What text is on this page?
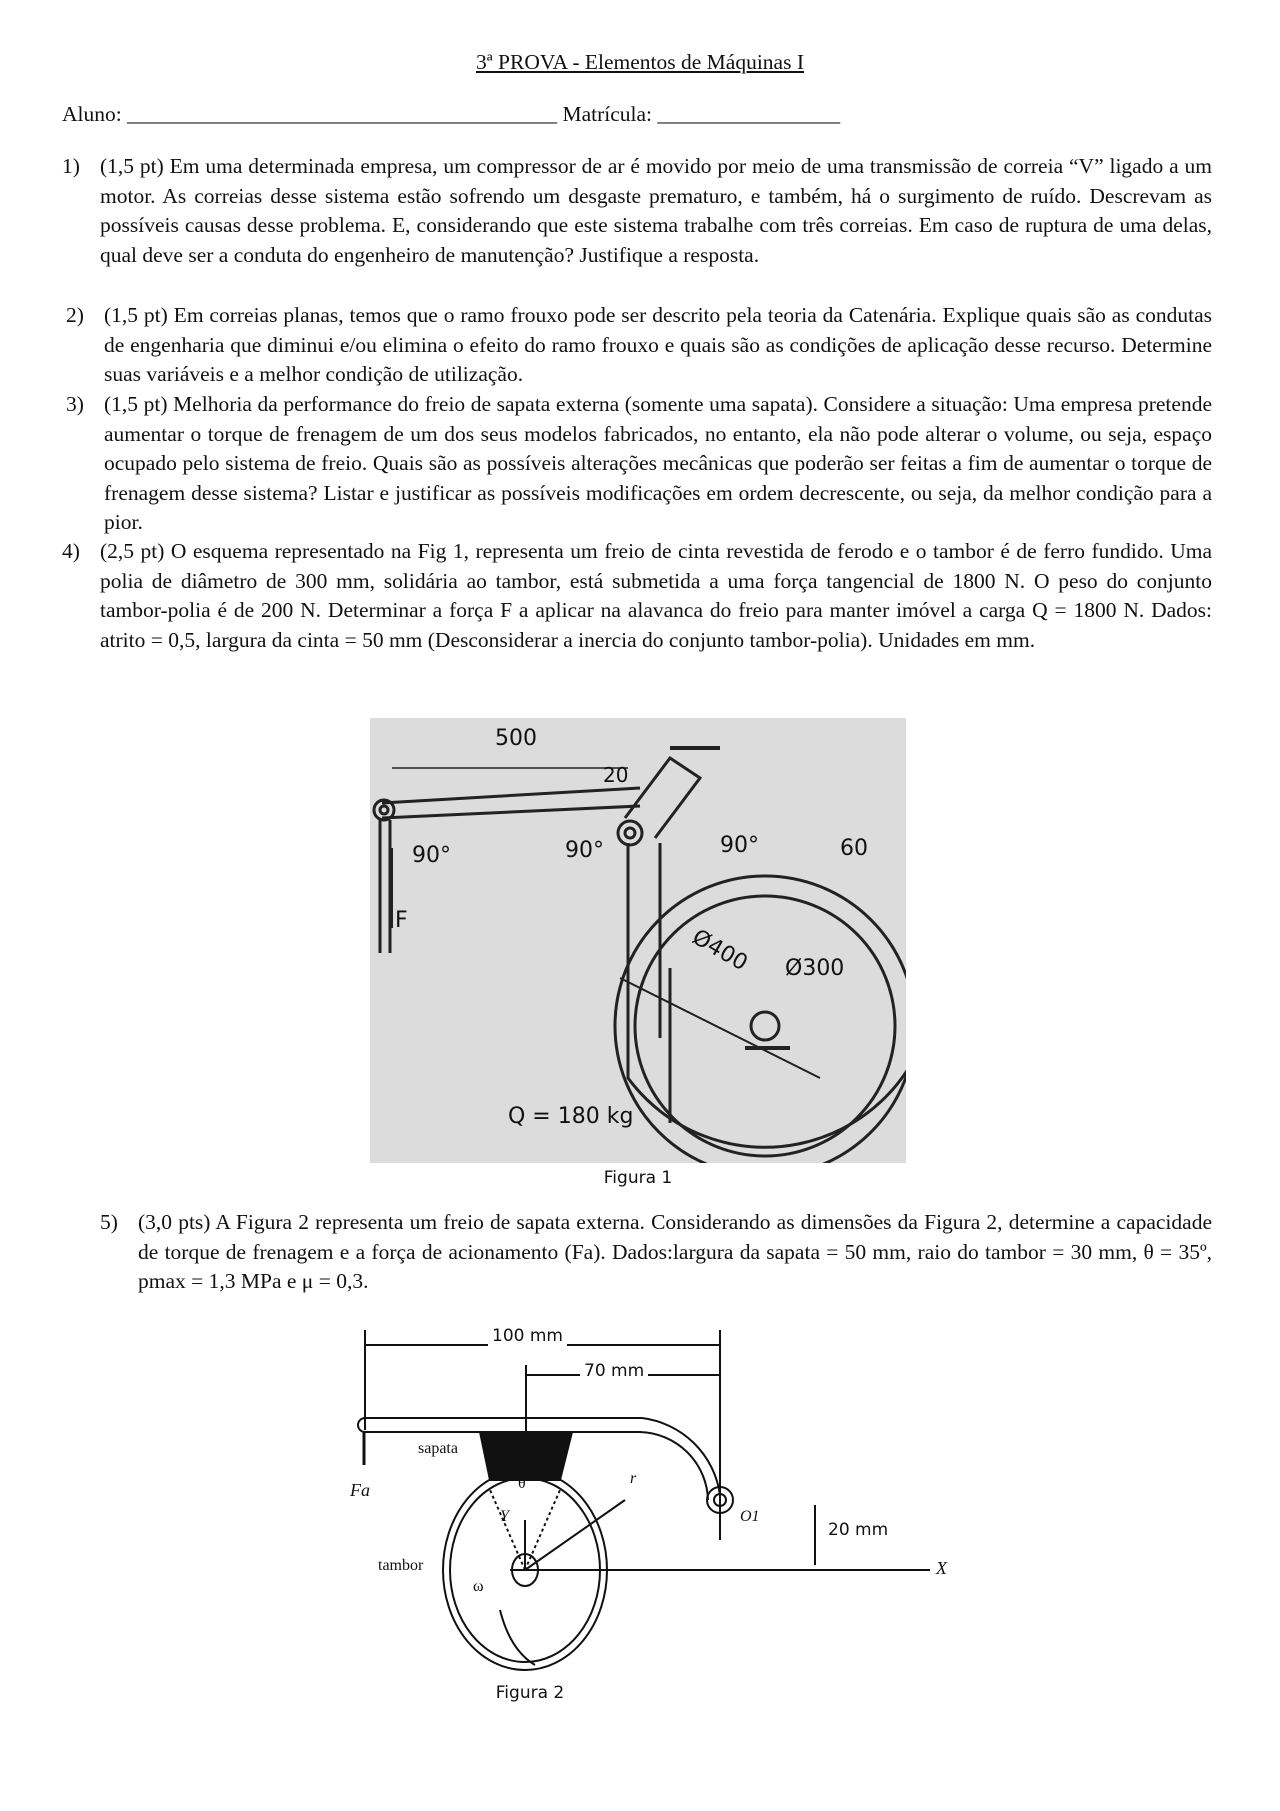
3ª PROVA - Elementos de Máquinas I
Aluno: ________________________________________ Matrícula: _________________
1) (1,5 pt) Em uma determinada empresa, um compressor de ar é movido por meio de uma transmissão de correia “V” ligado a um motor. As correias desse sistema estão sofrendo um desgaste prematuro, e também, há o surgimento de ruído. Descrevam as possíveis causas desse problema. E, considerando que este sistema trabalhe com três correias. Em caso de ruptura de uma delas, qual deve ser a conduta do engenheiro de manutenção? Justifique a resposta.
2) (1,5 pt) Em correias planas, temos que o ramo frouxo pode ser descrito pela teoria da Catenária. Explique quais são as condutas de engenharia que diminui e/ou elimina o efeito do ramo frouxo e quais são as condições de aplicação desse recurso. Determine suas variáveis e a melhor condição de utilização.
3) (1,5 pt) Melhoria da performance do freio de sapata externa (somente uma sapata). Considere a situação: Uma empresa pretende aumentar o torque de frenagem de um dos seus modelos fabricados, no entanto, ela não pode alterar o volume, ou seja, espaço ocupado pelo sistema de freio. Quais são as possíveis alterações mecânicas que poderão ser feitas a fim de aumentar o torque de frenagem desse sistema? Listar e justificar as possíveis modificações em ordem decrescente, ou seja, da melhor condição para a pior.
4) (2,5 pt) O esquema representado na Fig 1, representa um freio de cinta revestida de ferodo e o tambor é de ferro fundido. Uma polia de diâmetro de 300 mm, solidária ao tambor, está submetida a uma força tangencial de 1800 N. O peso do conjunto tambor-polia é de 200 N. Determinar a força F a aplicar na alavanca do freio para manter imóvel a carga Q = 1800 N. Dados: atrito = 0,5, largura da cinta = 50 mm (Desconsiderar a inercia do conjunto tambor-polia). Unidades em mm.
500
20
90°	90°	90°	60
Ø400 Ø300
F
Q = 180 kg
Figura 1
5) (3,0 pts) A Figura 2 representa um freio de sapata externa. Considerando as dimensões da Figura 2, determine a capacidade de torque de frenagem e a força de acionamento (Fa). Dados:largura da sapata = 50 mm, raio do tambor = 30 mm, θ = 35º, pmax = 1,3 MPa e μ = 0,3.
100 mm
70 mm
sapata
Fa	θ	r
Y	O1
20 mm
X
tambor
ω
Figura 2
